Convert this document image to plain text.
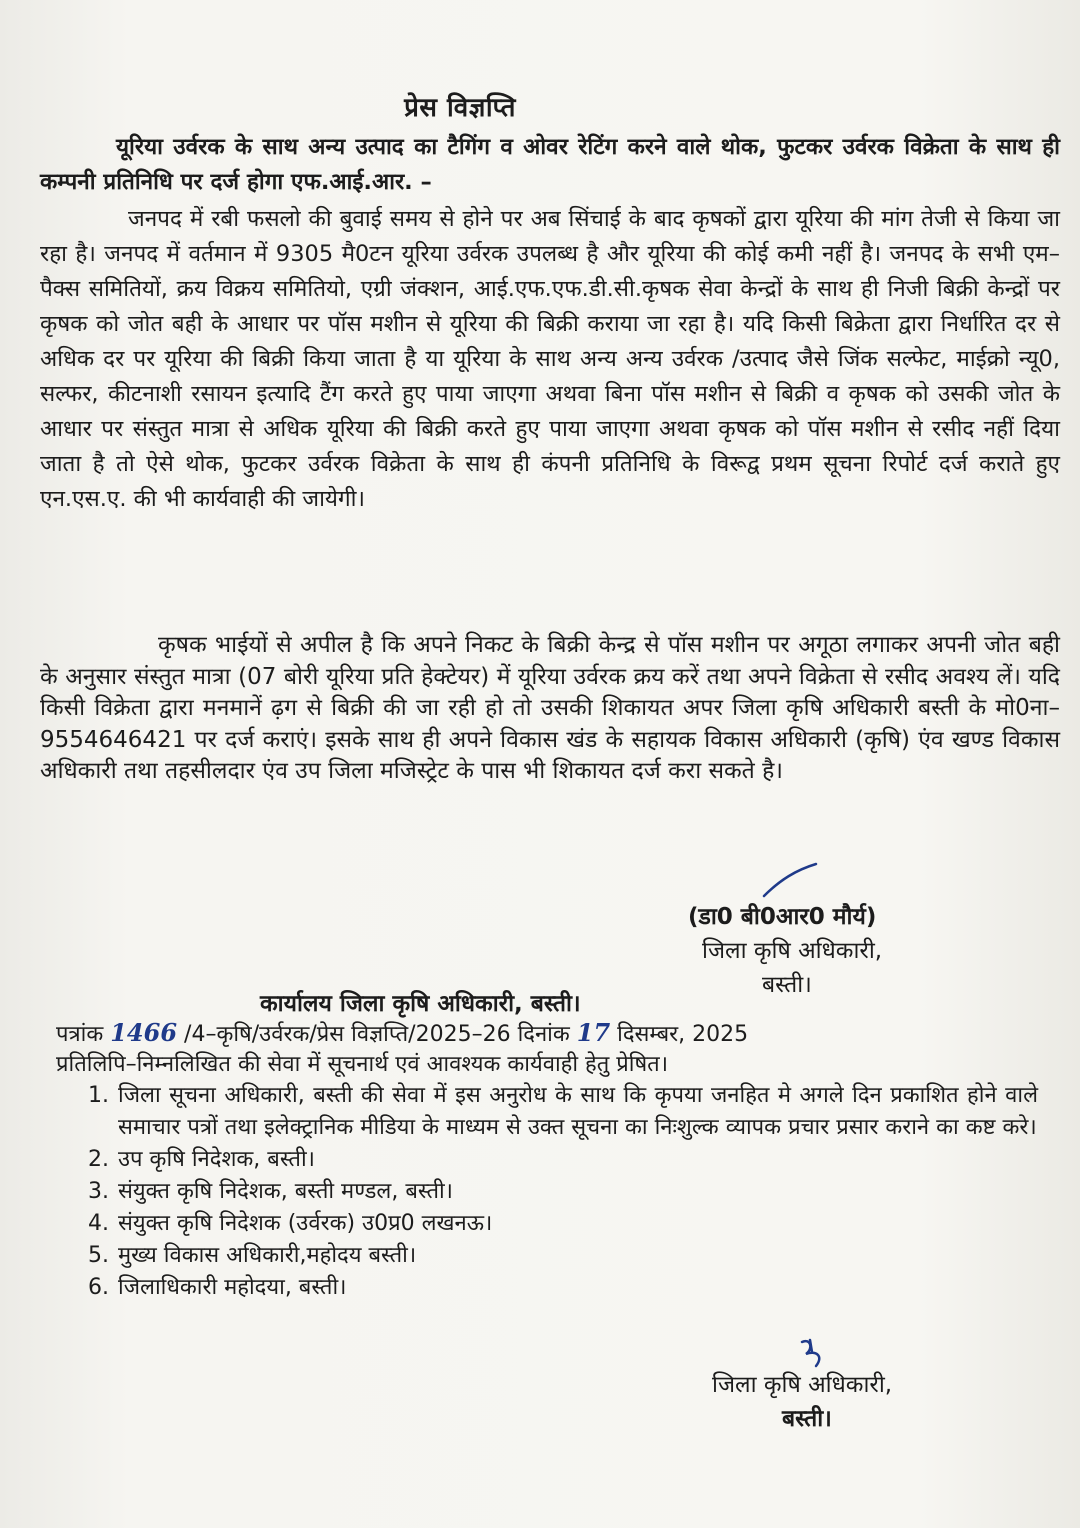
प्रेस विज्ञप्ति
यूरिया उर्वरक के साथ अन्य उत्पाद का टैगिंग व ओवर रेटिंग करने वाले थोक, फुटकर उर्वरक विक्रेता के साथ ही कम्पनी प्रतिनिधि पर दर्ज होगा एफ.आई.आर. –
जनपद में रबी फसलो की बुवाई समय से होने पर अब सिंचाई के बाद कृषकों द्वारा यूरिया की मांग तेजी से किया जा रहा है। जनपद में वर्तमान में 9305 मै0टन यूरिया उर्वरक उपलब्ध है और यूरिया की कोई कमी नहीं है। जनपद के सभी एम–पैक्स समितियों, क्रय विक्रय समितियो, एग्री जंक्शन, आई.एफ.एफ.डी.सी.कृषक सेवा केन्द्रों के साथ ही निजी बिक्री केन्द्रों पर कृषक को जोत बही के आधार पर पॉस मशीन से यूरिया की बिक्री कराया जा रहा है। यदि किसी बिक्रेता द्वारा निर्धारित दर से अधिक दर पर यूरिया की बिक्री किया जाता है या यूरिया के साथ अन्य अन्य उर्वरक /उत्पाद जैसे जिंक सल्फेट, माईक्रो न्यू0, सल्फर, कीटनाशी रसायन इत्यादि टैंग करते हुए पाया जाएगा अथवा बिना पॉस मशीन से बिक्री व कृषक को उसकी जोत के आधार पर संस्तुत मात्रा से अधिक यूरिया की बिक्री करते हुए पाया जाएगा अथवा कृषक को पॉस मशीन से रसीद नहीं दिया जाता है तो ऐसे थोक, फुटकर उर्वरक विक्रेता के साथ ही कंपनी प्रतिनिधि के विरूद्व प्रथम सूचना रिपोर्ट दर्ज कराते हुए एन.एस.ए. की भी कार्यवाही की जायेगी।
कृषक भाईयों से अपील है कि अपने निकट के बिक्री केन्द्र से पॉस मशीन पर अगूठा लगाकर अपनी जोत बही के अनुसार संस्तुत मात्रा (07 बोरी यूरिया प्रति हेक्टेयर) में यूरिया उर्वरक क्रय करें तथा अपने विक्रेता से रसीद अवश्य लें। यदि किसी विक्रेता द्वारा मनमानें ढ़ग से बिक्री की जा रही हो तो उसकी शिकायत अपर जिला कृषि अधिकारी बस्ती के मो0ना–9554646421 पर दर्ज कराएं। इसके साथ ही अपने विकास खंड के सहायक विकास अधिकारी (कृषि) एंव खण्ड विकास अधिकारी तथा तहसीलदार एंव उप जिला मजिस्ट्रेट के पास भी शिकायत दर्ज करा सकते है।
(डा0 बी0आर0 मौर्य)
जिला कृषि अधिकारी,
बस्ती।
कार्यालय जिला कृषि अधिकारी, बस्ती।
पत्रांक 1466 /4–कृषि/उर्वरक/प्रेस विज्ञप्ति/2025–26 दिनांक 17 दिसम्बर, 2025
प्रतिलिपि–निम्नलिखित की सेवा में सूचनार्थ एवं आवश्यक कार्यवाही हेतु प्रेषित।
1. जिला सूचना अधिकारी, बस्ती की सेवा में इस अनुरोध के साथ कि कृपया जनहित मे अगले दिन प्रकाशित होने वाले समाचार पत्रों तथा इलेक्ट्रानिक मीडिया के माध्यम से उक्त सूचना का निःशुल्क व्यापक प्रचार प्रसार कराने का कष्ट करे।
2. उप कृषि निदेशक, बस्ती।
3. संयुक्त कृषि निदेशक, बस्ती मण्डल, बस्ती।
4. संयुक्त कृषि निदेशक (उर्वरक) उ0प्र0 लखनऊ।
5. मुख्य विकास अधिकारी,महोदय बस्ती।
6. जिलाधिकारी महोदया, बस्ती।
जिला कृषि अधिकारी,
बस्ती।
